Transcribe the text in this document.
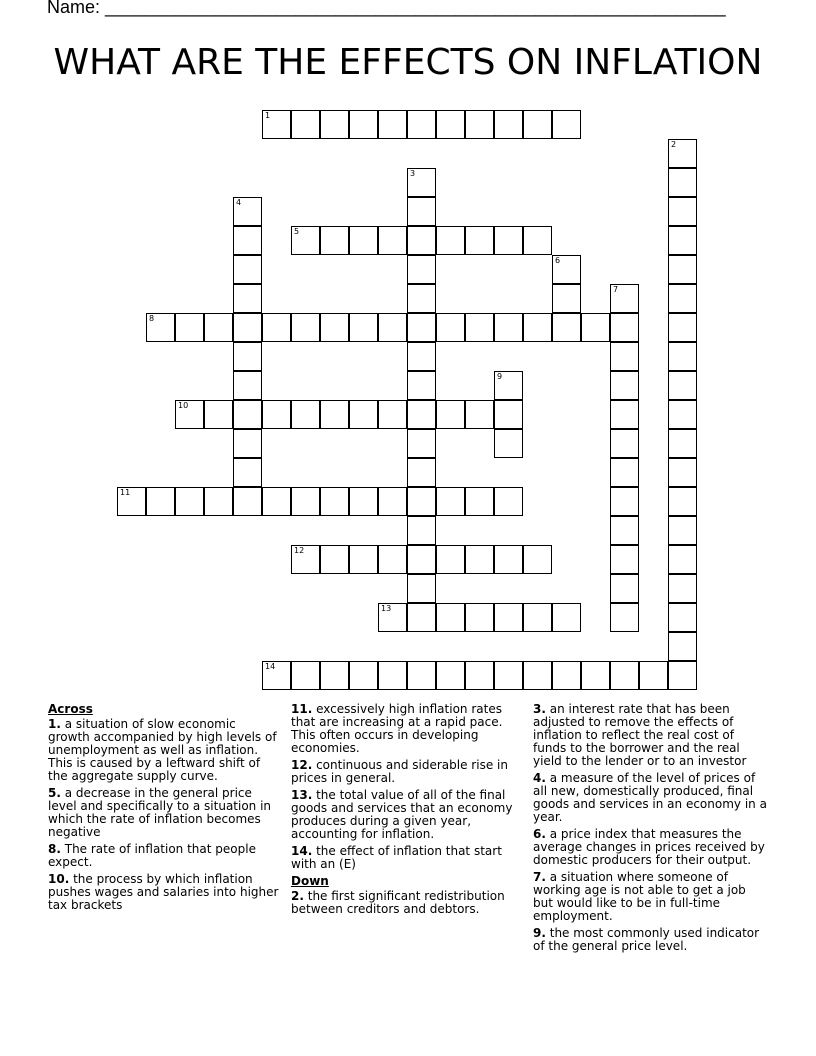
Name: ______________________________________________________________
WHAT ARE THE EFFECTS ON INFLATION
1
2
3
4
5
6
7
8
9
10
11
12
13
14
Across
1. a situation of slow economic growth accompanied by high levels of unemployment as well as inflation. This is caused by a leftward shift of the aggregate supply curve.
5. a decrease in the general price level and specifically to a situation in which the rate of inflation becomes negative
8. The rate of inflation that people expect.
10. the process by which inflation pushes wages and salaries into higher tax brackets
11. excessively high inflation rates that are increasing at a rapid pace. This often occurs in developing economies.
12. continuous and siderable rise in prices in general.
13. the total value of all of the final goods and services that an economy produces during a given year, accounting for inflation.
14. the effect of inflation that start with an (E)
Down
2. the first significant redistribution between creditors and debtors.
3. an interest rate that has been adjusted to remove the effects of inflation to reflect the real cost of funds to the borrower and the real yield to the lender or to an investor
4. a measure of the level of prices of all new, domestically produced, final goods and services in an economy in a year.
6. a price index that measures the average changes in prices received by domestic producers for their output.
7. a situation where someone of working age is not able to get a job but would like to be in full-time employment.
9. the most commonly used indicator of the general price level.
